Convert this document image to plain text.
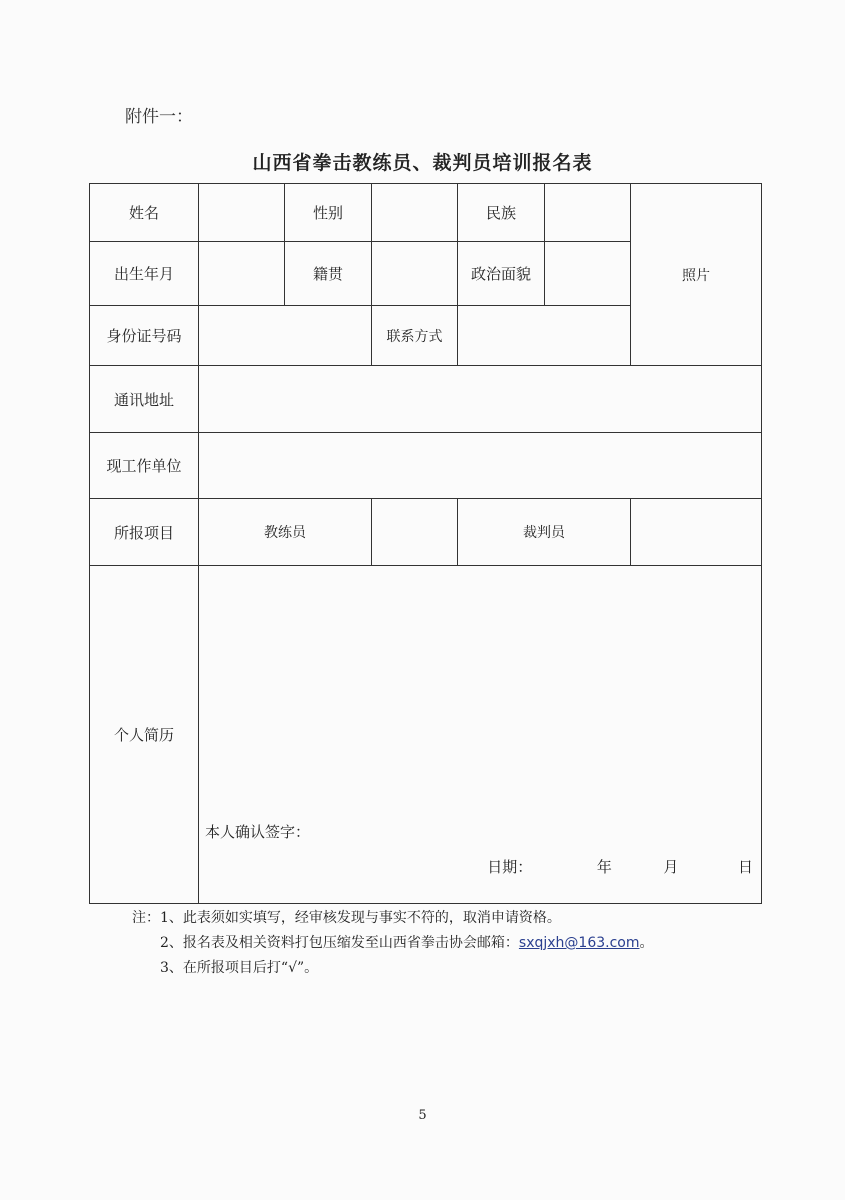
附件一：
山西省拳击教练员、裁判员培训报名表
姓名		性别		民族		照片
出生年月		籍贯		政治面貌		
身份证号码			联系方式			
通讯地址						
现工作单位						
所报项目	教练员			裁判员		
个人简历	本人确认签字：
日期： 年 月 日					
注：1、此表须如实填写，经审核发现与事实不符的，取消申请资格。
2、报名表及相关资料打包压缩发至山西省拳击协会邮箱：sxqjxh@163.com。
3、在所报项目后打“√”。
5
